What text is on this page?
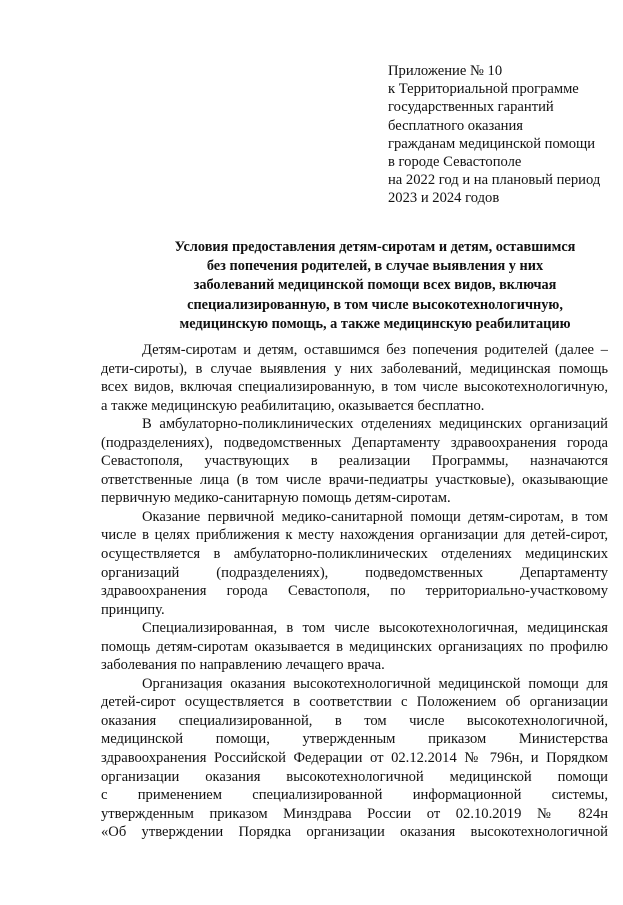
Приложение № 10
к Территориальной программе
государственных гарантий
бесплатного оказания
гражданам медицинской помощи
в городе Севастополе
на 2022 год и на плановый период
2023 и 2024 годов
Условия предоставления детям-сиротам и детям, оставшимся
без попечения родителей, в случае выявления у них
заболеваний медицинской помощи всех видов, включая
специализированную, в том числе высокотехнологичную,
медицинскую помощь, а также медицинскую реабилитацию
Детям-сиротам и детям, оставшимся без попечения родителей (далее –
дети-сироты), в случае выявления у них заболеваний, медицинская помощь
всех видов, включая специализированную, в том числе высокотехнологичную,
а также медицинскую реабилитацию, оказывается бесплатно.
В амбулаторно-поликлинических отделениях медицинских организаций
(подразделениях), подведомственных Департаменту здравоохранения города
Севастополя, участвующих в реализации Программы, назначаются
ответственные лица (в том числе врачи-педиатры участковые), оказывающие
первичную медико-санитарную помощь детям-сиротам.
Оказание первичной медико-санитарной помощи детям-сиротам, в том
числе в целях приближения к месту нахождения организации для детей-сирот,
осуществляется в амбулаторно-поликлинических отделениях медицинских
организаций (подразделениях), подведомственных Департаменту
здравоохранения города Севастополя, по территориально-участковому
принципу.
Специализированная, в том числе высокотехнологичная, медицинская
помощь детям-сиротам оказывается в медицинских организациях по профилю
заболевания по направлению лечащего врача.
Организация оказания высокотехнологичной медицинской помощи для
детей-сирот осуществляется в соответствии с Положением об организации
оказания специализированной, в том числе высокотехнологичной,
медицинской помощи, утвержденным приказом Министерства
здравоохранения Российской Федерации от 02.12.2014 № 796н, и Порядком
организации оказания высокотехнологичной медицинской помощи
с применением специализированной информационной системы,
утвержденным приказом Минздрава России от 02.10.2019 № 824н
«Об утверждении Порядка организации оказания высокотехнологичной
